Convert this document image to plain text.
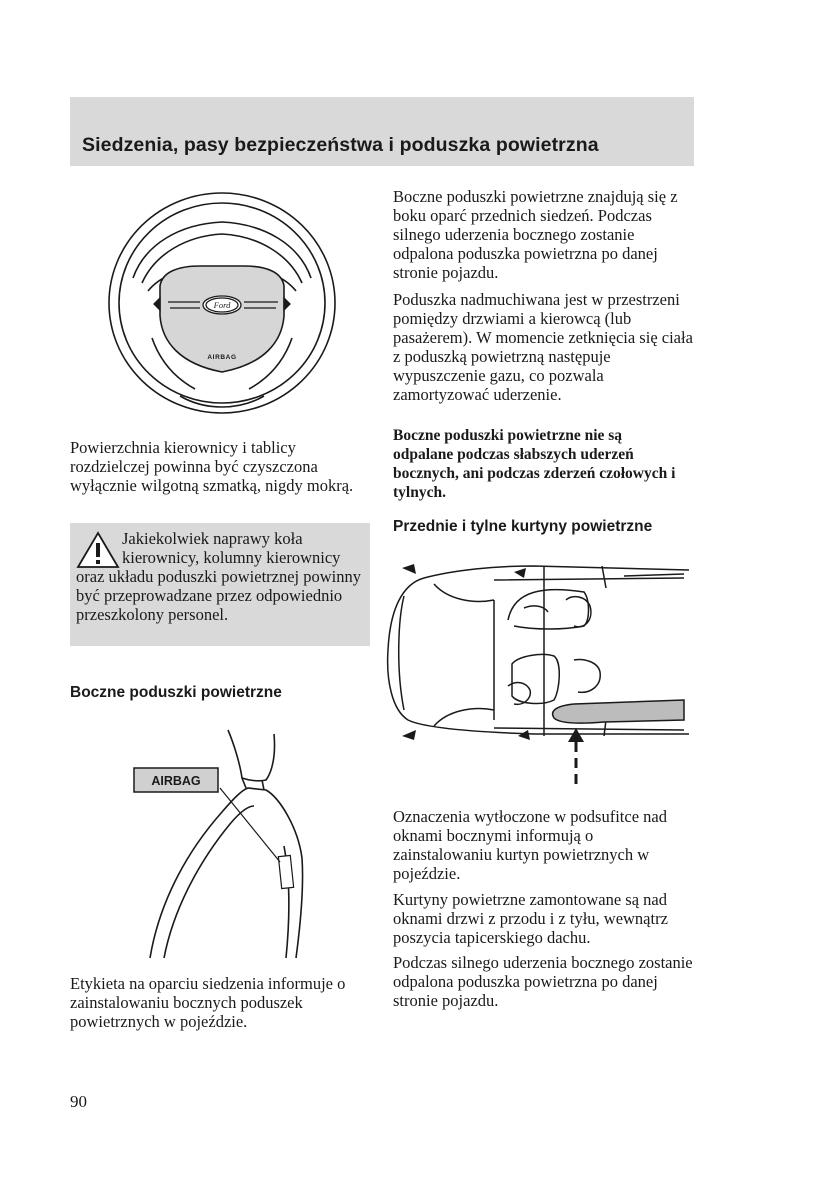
Siedzenia, pasy bezpieczeństwa i poduszka powietrzna
Ford
AIRBAG

Powierzchnia kierownicy i tablicy rozdzielczej powinna być czyszczona wyłącznie wilgotną szmatką, nigdy mokrą.

Jakiekolwiek naprawy koła kierownicy, kolumny kierownicy oraz układu poduszki powietrznej powinny być przeprowadzane przez odpowiednio przeszkolony personel.

Boczne poduszki powietrzne
AIRBAG

Etykieta na oparciu siedzenia informuje o zainstalowaniu bocznych poduszek powietrznych w pojeździe.

Boczne poduszki powietrzne znajdują się z boku oparć przednich siedzeń. Podczas silnego uderzenia bocznego zostanie odpalona poduszka powietrzna po danej stronie pojazdu.

Poduszka nadmuchiwana jest w przestrzeni pomiędzy drzwiami a kierowcą (lub pasażerem). W momencie zetknięcia się ciała z poduszką powietrzną następuje wypuszczenie gazu, co pozwala zamortyzować uderzenie.

Boczne poduszki powietrzne nie są odpalane podczas słabszych uderzeń bocznych, ani podczas zderzeń czołowych i tylnych.

Przednie i tylne kurtyny powietrzne

Oznaczenia wytłoczone w podsufitce nad oknami bocznymi informują o zainstalowaniu kurtyn powietrznych w pojeździe.

Kurtyny powietrzne zamontowane są nad oknami drzwi z przodu i z tyłu, wewnątrz poszycia tapicerskiego dachu.

Podczas silnego uderzenia bocznego zostanie odpalona poduszka powietrzna po danej stronie pojazdu.

90
